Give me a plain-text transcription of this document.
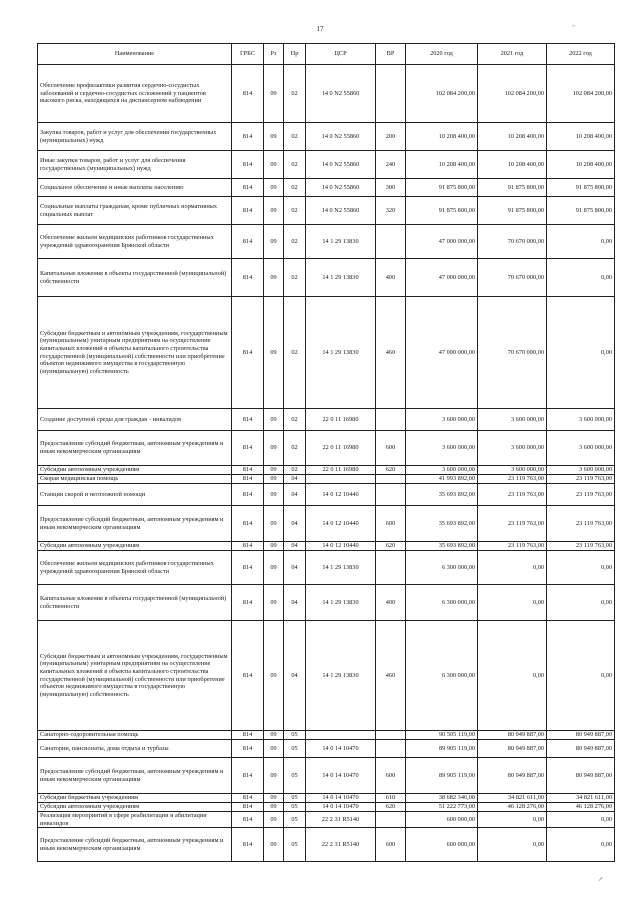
17
Наименование	ГРБС	Рз	Пр	ЦСР	ВР	2020 год	2021 год	2022 год
Обеспечение профилактики развития сердечно-сосудистых заболеваний и сердечно-сосудистых осложнений у пациентов высокого риска, находящихся на диспансерном наблюдении	814	09	02	14 0 N2 55860		102 084 200,00	102 084 200,00	102 084 200,00
Закупка товаров, работ и услуг для обеспечения государственных (муниципальных) нужд	814	09	02	14 0 N2 55860	200	10 208 400,00	10 208 400,00	10 208 400,00
Иные закупки товаров, работ и услуг для обеспечения государственных (муниципальных) нужд	814	09	02	14 0 N2 55860	240	10 208 400,00	10 208 400,00	10 208 400,00
Социальное обеспечение и иные выплаты населению	814	09	02	14 0 N2 55860	300	91 875 800,00	91 875 800,00	91 875 800,00
Социальные выплаты гражданам, кроме публичных нормативных социальных выплат	814	09	02	14 0 N2 55860	320	91 875 800,00	91 875 800,00	91 875 800,00
Обеспечение жильем медицинских работников государственных учреждений здравоохранения Брянской области	814	09	02	14 1 29 13830		47 000 000,00	70 670 000,00	0,00
Капитальные вложения в объекты государственной (муниципальной) собственности	814	09	02	14 1 29 13830	400	47 000 000,00	70 670 000,00	0,00
Субсидии бюджетным и автономным учреждениям, государственным (муниципальным) унитарным предприятиям на осуществление капитальных вложений в объекты капитального строительства государственной (муниципальной) собственности или приобретение объектов недвижимого имущества в государственную (муниципальную) собственность	814	09	02	14 1 29 13830	460	47 000 000,00	70 670 000,00	0,00
Создание доступной среды для граждан - инвалидов	814	09	02	22 0 11 16980		3 600 000,00	3 600 000,00	3 600 000,00
Предоставление субсидий бюджетным, автономным учреждениям и иным некоммерческим организациям	814	09	02	22 0 11 16980	600	3 600 000,00	3 600 000,00	3 600 000,00
Субсидии автономным учреждениям	814	09	02	22 0 11 16980	620	3 600 000,00	3 600 000,00	3 600 000,00
Скорая медицинская помощь	814	09	04			41 993 892,00	23 119 763,00	23 119 763,00
Станции скорой и неотложной помощи	814	09	04	14 0 12 10440		35 693 892,00	23 119 763,00	23 119 763,00
Предоставление субсидий бюджетным, автономным учреждениям и иным некоммерческим организациям	814	09	04	14 0 12 10440	600	35 693 892,00	23 119 763,00	23 119 763,00
Субсидии автономным учреждениям	814	09	04	14 0 12 10440	620	35 693 892,00	23 119 763,00	23 119 763,00
Обеспечение жильем медицинских работников государственных учреждений здравоохранения Брянской области	814	09	04	14 1 29 13830		6 300 000,00	0,00	0,00
Капитальные вложения в объекты государственной (муниципальной) собственности	814	09	04	14 1 29 13830	400	6 300 000,00	0,00	0,00
Субсидии бюджетным и автономным учреждениям, государственным (муниципальным) унитарным предприятиям на осуществление капитальных вложений в объекты капитального строительства государственной (муниципальной) собственности или приобретение объектов недвижимого имущества в государственную (муниципальную) собственность	814	09	04	14 1 29 13830	460	6 300 000,00	0,00	0,00
Санаторно-оздоровительная помощь	814	09	05			90 505 119,00	80 949 887,00	80 949 887,00
Санатории, пансионаты, дома отдыха и турбазы	814	09	05	14 0 14 10470		89 905 119,00	80 949 887,00	80 949 887,00
Предоставление субсидий бюджетным, автономным учреждениям и иным некоммерческим организациям	814	09	05	14 0 14 10470	600	89 905 119,00	80 949 887,00	80 949 887,00
Субсидии бюджетным учреждениям	814	09	05	14 0 14 10470	610	38 682 346,00	34 821 611,00	34 821 611,00
Субсидии автономным учреждениям	814	09	05	14 0 14 10470	620	51 222 773,00	46 128 276,00	46 128 276,00
Реализация мероприятий в сфере реабилитации и абилитации инвалидов	814	09	05	22 2 31 R5140		600 000,00	0,00	0,00
Предоставление субсидий бюджетным, автономным учреждениям и иным некоммерческим организациям	814	09	05	22 2 31 R5140	600	600 000,00	0,00	0,00
~
↗
